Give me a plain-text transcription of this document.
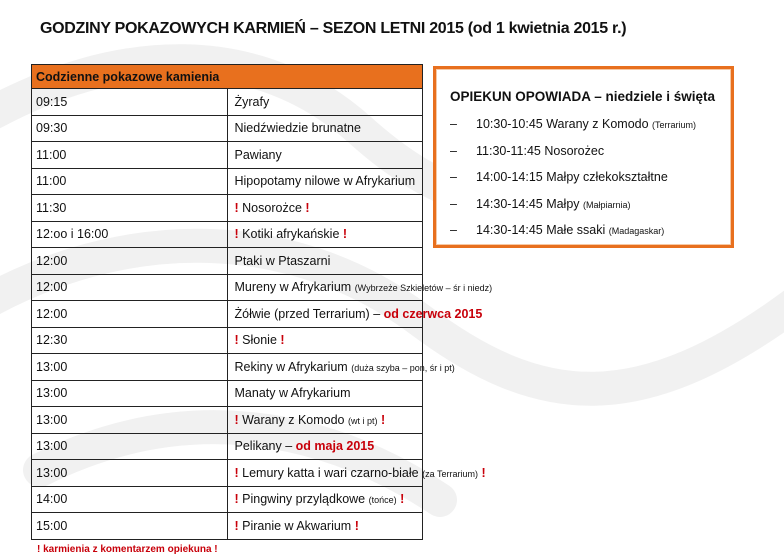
GODZINY POKAZOWYCH KARMIEŃ – SEZON LETNI 2015 (od 1 kwietnia 2015 r.)
Codzienne pokazowe kamienia	
09:15	Żyrafy
09:30	Niedźwiedzie brunatne
11:00	Pawiany
11:00	Hipopotamy nilowe w Afrykarium
11:30	! Nosorożce !
12:oo i 16:00	! Kotiki afrykańskie !
12:00	Ptaki w Ptaszarni
12:00	Mureny w Afrykarium (Wybrzeże Szkieletów – śr i niedz)
12:00	Żółwie (przed Terrarium) – od czerwca 2015
12:30	! Słonie !
13:00	Rekiny w Afrykarium (duża szyba – pon, śr i pt)
13:00	Manaty w Afrykarium
13:00	! Warany z Komodo (wt i pt) !
13:00	Pelikany – od maja 2015
13:00	! Lemury katta i wari czarno-białe (za Terrarium) !
14:00	! Pingwiny przylądkowe (tońce) !
15:00	! Piranie w Akwarium !
! karmienia z komentarzem opiekuna !
OPIEKUN OPOWIADA – niedziele i święta
– 10:30-10:45 Warany z Komodo (Terrarium)
– 11:30-11:45 Nosorożec
– 14:00-14:15 Małpy człekokształtne
– 14:30-14:45 Małpy (Małpiarnia)
– 14:30-14:45 Małe ssaki (Madagaskar)
